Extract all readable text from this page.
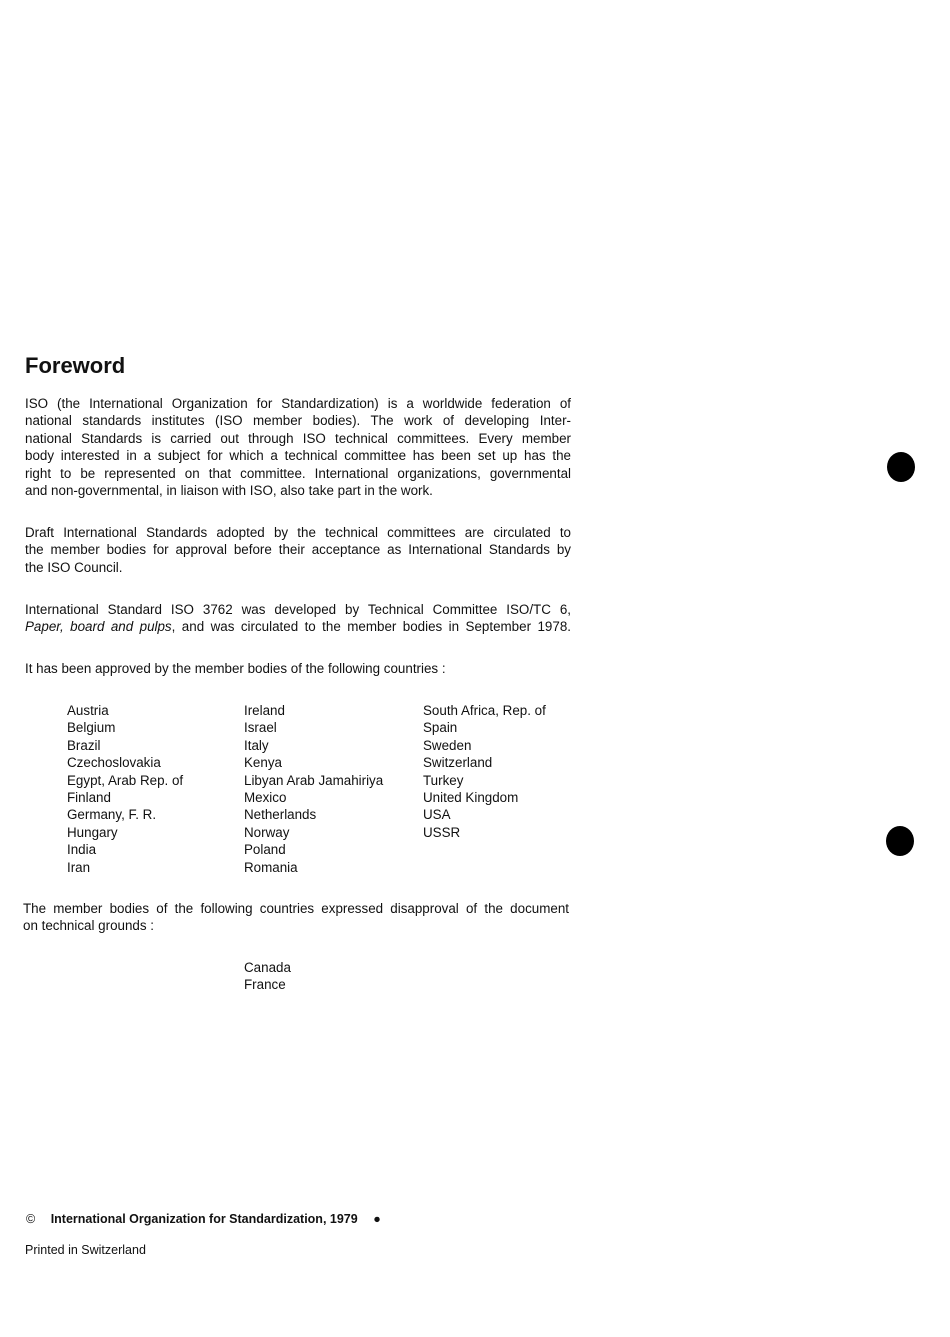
Foreword
ISO (the International Organization for Standardization) is a worldwide federation of
national standards institutes (ISO member bodies). The work of developing Inter-
national Standards is carried out through ISO technical committees. Every member
body interested in a subject for which a technical committee has been set up has the
right to be represented on that committee. International organizations, governmental
and non-governmental, in liaison with ISO, also take part in the work.
Draft International Standards adopted by the technical committees are circulated to
the member bodies for approval before their acceptance as International Standards by
the ISO Council.
International Standard ISO 3762 was developed by Technical Committee ISO/TC 6,
Paper, board and pulps, and was circulated to the member bodies in September 1978.
It has been approved by the member bodies of the following countries :
Austria
Belgium
Brazil
Czechoslovakia
Egypt, Arab Rep. of
Finland
Germany, F. R.
Hungary
India
Iran
Ireland
Israel
Italy
Kenya
Libyan Arab Jamahiriya
Mexico
Netherlands
Norway
Poland
Romania
South Africa, Rep. of
Spain
Sweden
Switzerland
Turkey
United Kingdom
USA
USSR
The member bodies of the following countries expressed disapproval of the document
on technical grounds :
Canada
France
© International Organization for Standardization, 1979 ●
Printed in Switzerland
